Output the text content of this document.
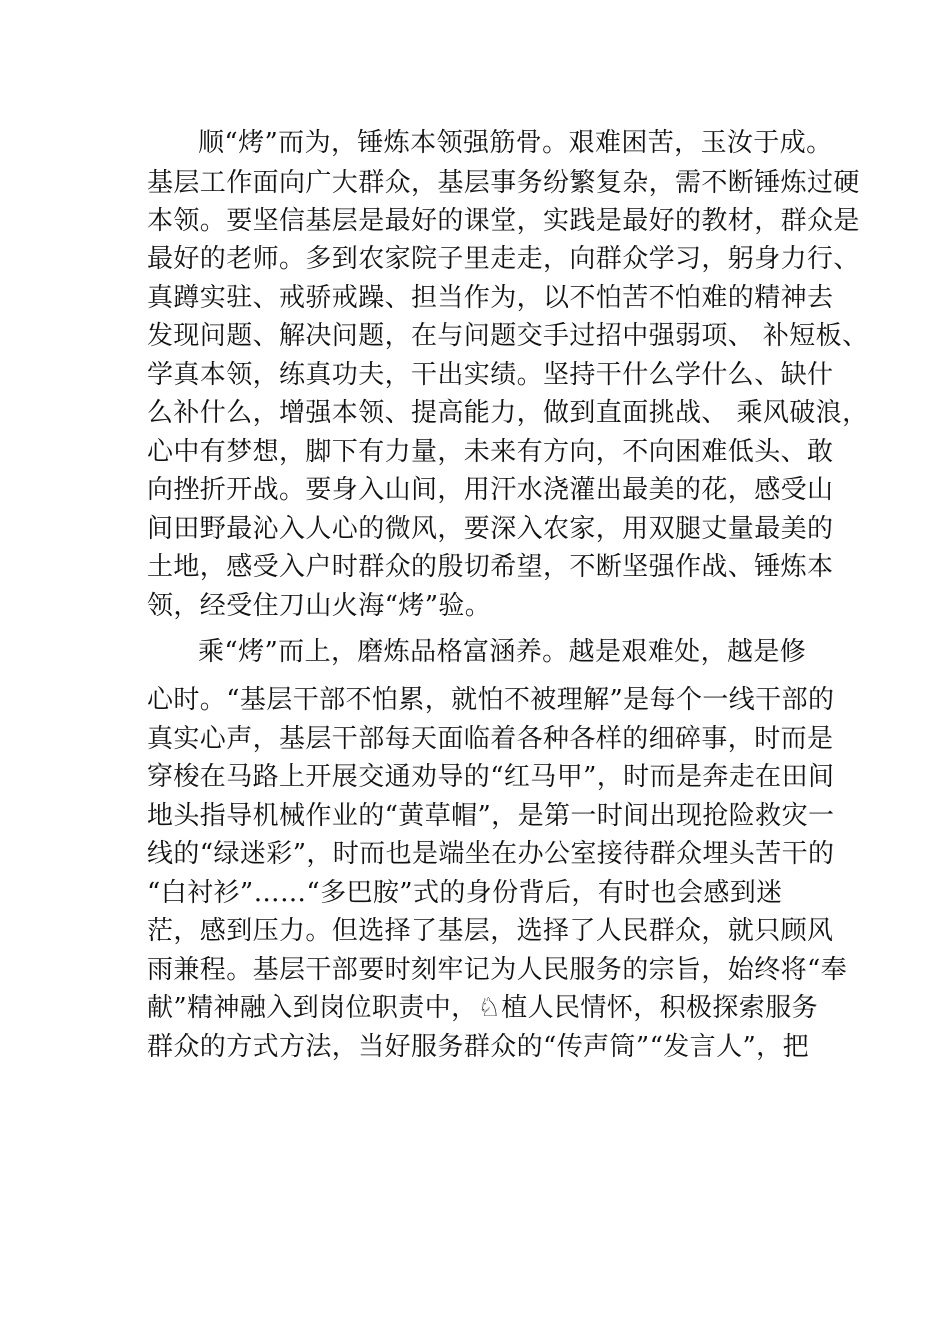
顺“烤”而为，锤炼本领强筋骨。艰难困苦，玉汝于成。
基层工作面向广大群众，基层事务纷繁复杂，需不断锤炼过硬
本领。要坚信基层是最好的课堂，实践是最好的教材，群众是
最好的老师。多到农家院子里走走，向群众学习，躬身力行、
真蹲实驻、戒骄戒躁、担当作为，以不怕苦不怕难的精神去
发现问题、解决问题，在与问题交手过招中强弱项、 补短板、
学真本领，练真功夫，干出实绩。坚持干什么学什么、缺什
么补什么，增强本领、提高能力，做到直面挑战、 乘风破浪，
心中有梦想，脚下有力量，未来有方向，不向困难低头、敢
向挫折开战。要身入山间，用汗水浇灌出最美的花，感受山
间田野最沁入人心的微风，要深入农家，用双腿丈量最美的
土地，感受入户时群众的殷切希望，不断坚强作战、锤炼本
领，经受住刀山火海“烤”验。
乘“烤”而上，磨炼品格富涵养。越是艰难处，越是修
心时。“基层干部不怕累，就怕不被理解”是每个一线干部的
真实心声，基层干部每天面临着各种各样的细碎事，时而是
穿梭在马路上开展交通劝导的“红马甲”，时而是奔走在田间
地头指导机械作业的“黄草帽”，是第一时间出现抢险救灾一
线的“绿迷彩”，时而也是端坐在办公室接待群众埋头苦干的
“白衬衫”……“多巴胺”式的身份背后，有时也会感到迷
茫，感到压力。但选择了基层，选择了人民群众，就只顾风
雨兼程。基层干部要时刻牢记为人民服务的宗旨，始终将“奉
献”精神融入到岗位职责中，♘植人民情怀，积极探索服务
群众的方式方法，当好服务群众的“传声筒”“发言人”，把
